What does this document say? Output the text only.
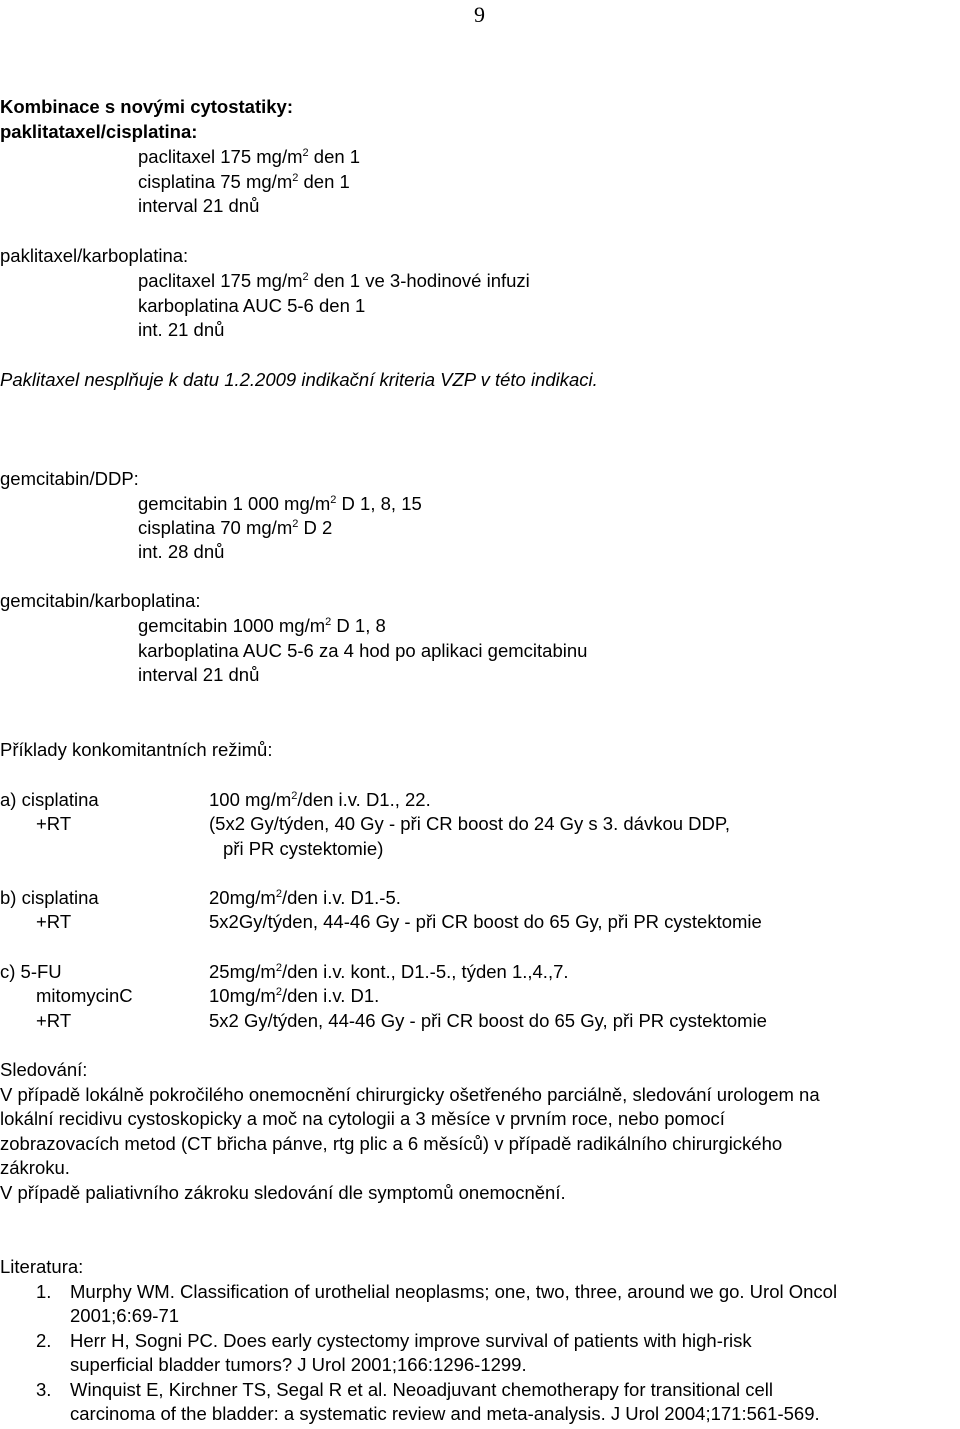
9
Kombinace s novými cytostatiky:
paklitataxel/cisplatina:
paclitaxel 175 $mg/m^2$ den 1
cisplatina 75 $mg/m^2$ den 1
interval 21 dnů
paklitaxel/karboplatina:
paclitaxel 175 $mg/m^2$ den 1 ve 3-hodinové infuzi
karboplatina AUC 5-6 den 1
int. 21 dnů
Paklitaxel nesplňuje k datu 1.2.2009 indikační kriteria VZP v této indikaci.
gemcitabin/DDP:
gemcitabin 1 000 $mg/m^2$ D 1, 8, 15
cisplatina 70 $mg/m^2$ D 2
int. 28 dnů
gemcitabin/karboplatina:
gemcitabin 1000 $mg/m^2$ D 1, 8
karboplatina AUC 5-6 za 4 hod po aplikaci gemcitabinu
interval 21 dnů
Příklady konkomitantních režimů:
a) cisplatina	100 $mg/m^2$/den i.v. D1., 22.
+RT	(5x2 Gy/týden, 40 Gy - při CR boost do 24 Gy s 3. dávkou DDP,
při PR cystektomie)
b) cisplatina	$20mg/m^2$/den i.v. D1.-5.
+RT	5x2Gy/týden, 44-46 Gy - při CR boost do 65 Gy, při PR cystektomie
c) 5-FU	$25mg/m^2$/den i.v. kont., D1.-5., týden 1.,4.,7.
mitomycinC	$10mg/m^2$/den i.v. D1.
+RT	5x2 Gy/týden, 44-46 Gy - při CR boost do 65 Gy, při PR cystektomie
Sledování:
V případě lokálně pokročilého onemocnění chirurgicky ošetřeného parciálně, sledování urologem na
lokální recidivu cystoskopicky a moč na cytologii a 3 měsíce v prvním roce, nebo pomocí
zobrazovacích metod (CT břicha pánve, rtg plic a 6 měsíců) v případě radikálního chirurgického
zákroku.
V případě paliativního zákroku sledování dle symptomů onemocnění.
Literatura:
1. Murphy WM. Classification of urothelial neoplasms; one, two, three, around we go. Urol Oncol
2001;6:69-71
2. Herr H, Sogni PC. Does early cystectomy improve survival of patients with high-risk
superficial bladder tumors? J Urol 2001;166:1296-1299.
3. Winquist E, Kirchner TS, Segal R et al. Neoadjuvant chemotherapy for transitional cell
carcinoma of the bladder: a systematic review and meta-analysis. J Urol 2004;171:561-569.
